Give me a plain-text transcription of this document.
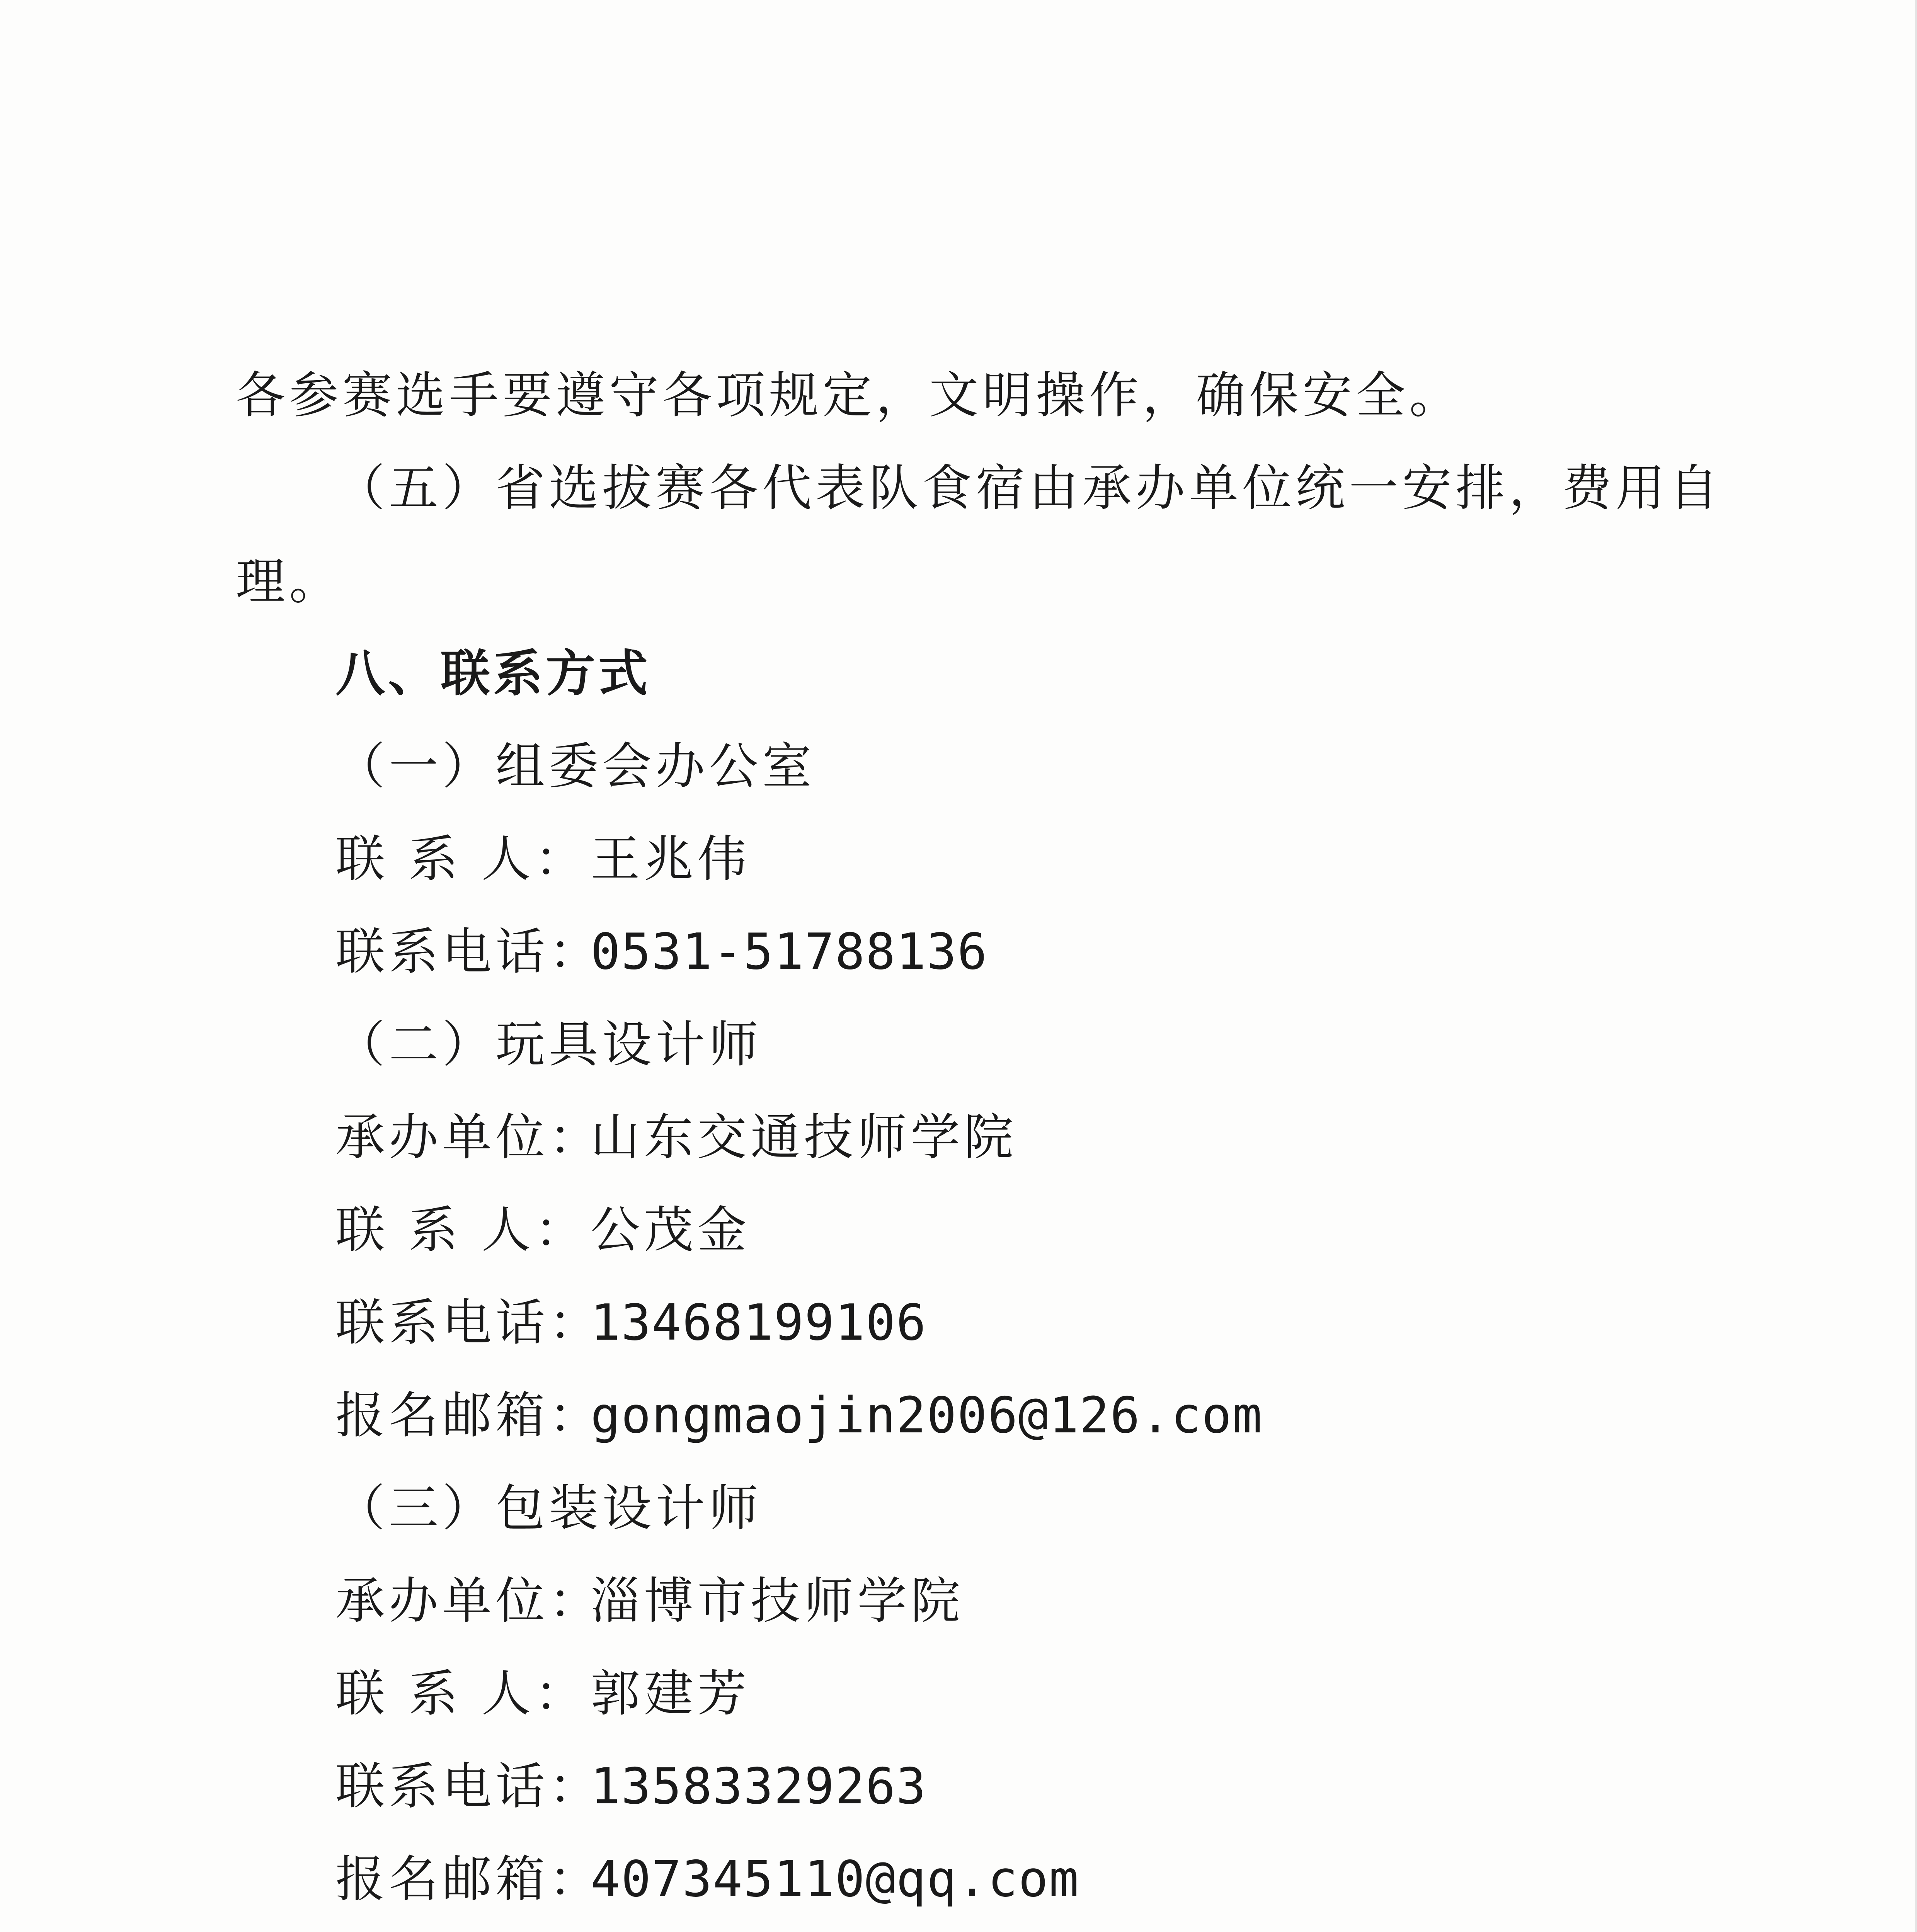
各参赛选手要遵守各项规定，文明操作，确保安全。
（五）省选拔赛各代表队食宿由承办单位统一安排，费用自
理。
八、联系方式
（一）组委会办公室
联 系 人：王兆伟
联系电话：0531-51788136
（二）玩具设计师
承办单位：山东交通技师学院
联 系 人：公茂金
联系电话：13468199106
报名邮箱：gongmaojin2006@126.com
（三）包装设计师
承办单位：淄博市技师学院
联 系 人：郭建芳
联系电话：13583329263
报名邮箱：407345110@qq.com
